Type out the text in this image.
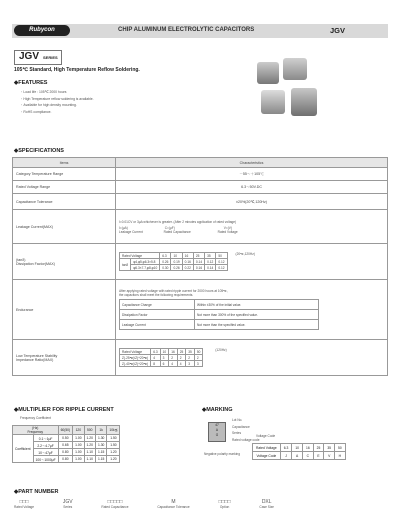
Rubycon	CHIP ALUMINUM ELECTROLYTIC CAPACITORS	JGV
JGV SERIES
105℃ Standard, High Temperature Reflow Soldering.
◆FEATURES
・Load life : 105℃ 2000 hours
・High Temperature reflow soldering is available.
・Available for high density mounting.
・RoHS compliance.
◆SPECIFICATIONS
Items	Characteristics
Category Temperature Range	－55〜＋105℃
Rated Voltage Range	6.3〜50V.DC
Capacitance Tolerance	±20%(20℃,120Hz)
Leakage Current(MAX)	
I=0.01CV or 3μA whichever is greater. (After 2 minutes application of rated voltage)
I=(μA)	C=(μF)	V=(V)
Leakage Current	Rated Capacitance	Rated Voltage

(tanδ)
Dissipation Factor(MAX)

Rated Voltage	6.3	10	16	25	35	50
tanδ	φ4,φ5,φ6.3×5.8	0.26	0.19	0.16	0.14	0.12	0.12
φ6.3×7.7,φ8,φ10	0.30	0.26	0.22	0.16	0.14	0.12
(20℃,120Hz)

Endurance	
After applying rated voltage with rated ripple current for 2000 hours at 105℃,
the capacitors shall meet the following requirements.
Capacitance Change	Within ±30% of the initial value.
Dissipation Factor	Not more than 300% of the specified value.
Leakage Current	Not more than the specified value.

Low Temperature Stability
Impedance Ratio(MAX)

Rated Voltage	6.3	10	16	25	35	50
Z(-25℃)/Z(+20℃)	4	3	2	2	2	2
Z(-40℃)/Z(+20℃)	8	6	4	4	3	3
(120Hz)
◆MULTIPLIER FOR RIPPLE CURRENT
Frequency Coefficient
(Hz)
Frequency		60(50)	120	500	1k	10k≦
Coefficient	0.1〜1μF	0.50	1.00	1.20	1.30	1.50
	2.2〜4.7μF	0.65	1.00	1.20	1.30	1.50
	10〜47μF	0.80	1.00	1.10	1.15	1.20
	100〜1000μF	0.80	1.00	1.10	1.15	1.20
◆MARKING
47
A
G
Lot No.
Capacitance
Series
Rated voltage code
Negative polarity marking
Voltage Code
Rated Voltage	6.3	10	16	25	35	50
Voltage Code	J	A	C	E	V	H
◆PART NUMBER
□□□
Rated Voltage
JGV
Series
□□□□□
Rated Capacitance
M
Capacitance Tolerance
□□□□
Option
DXL
Case Size
